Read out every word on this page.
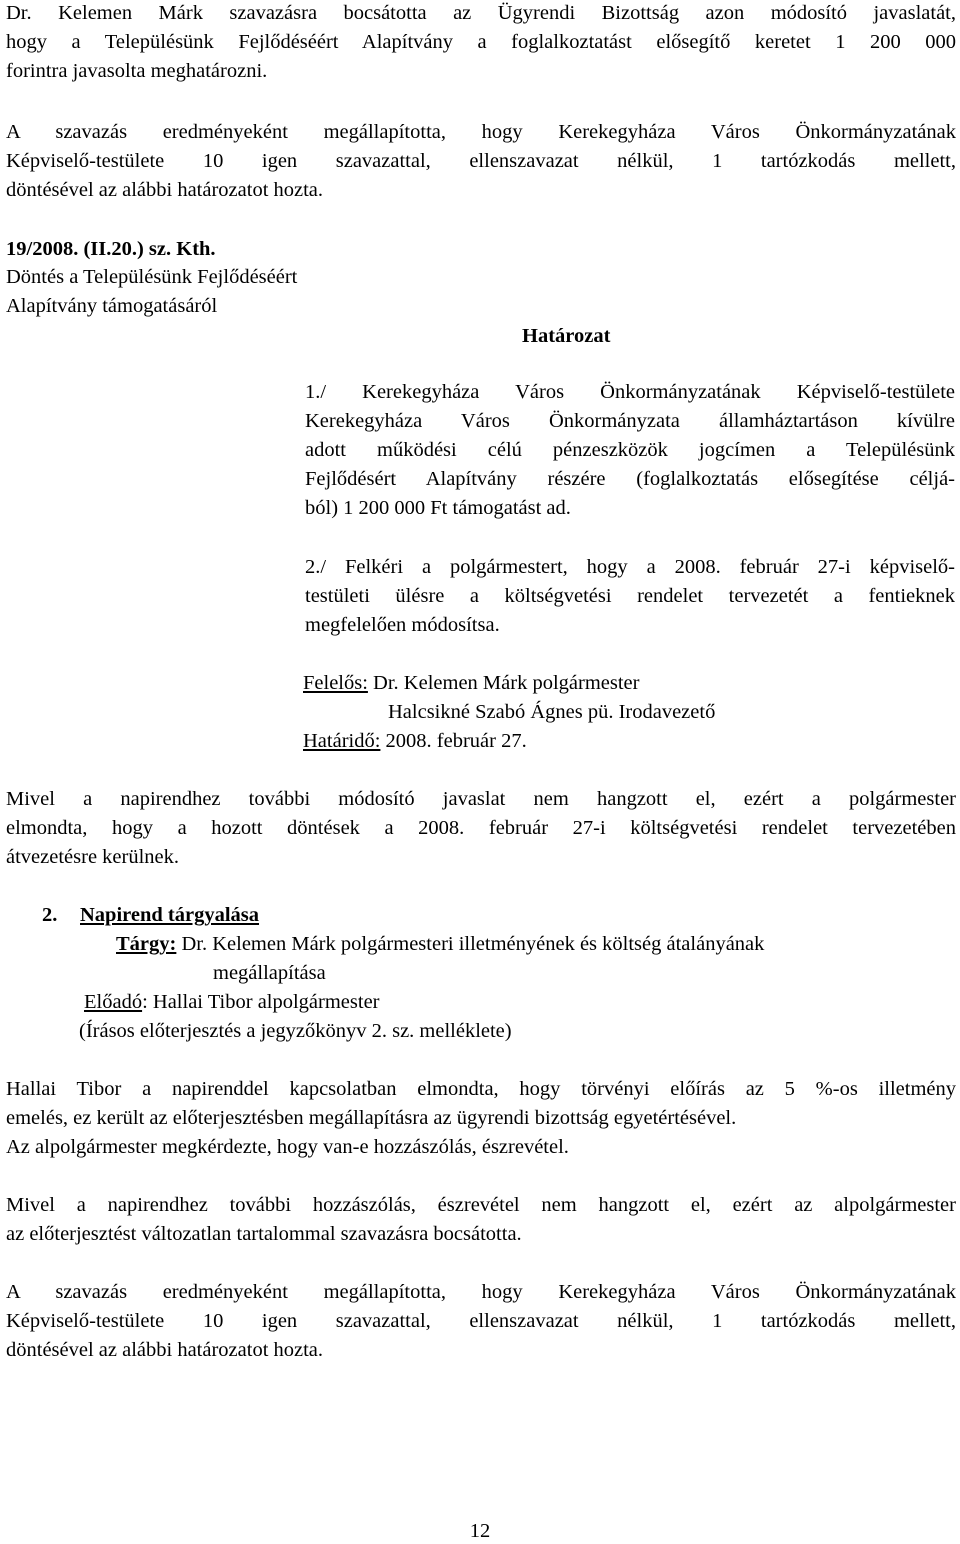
Dr. Kelemen Márk szavazásra bocsátotta az Ügyrendi Bizottság azon módosító javaslatát,
hogy a Településünk Fejlődéséért Alapítvány a foglalkoztatást elősegítő keretet 1 200 000
forintra javasolta meghatározni.

A szavazás eredményeként megállapította, hogy Kerekegyháza Város Önkormányzatának
Képviselő-testülete 10 igen szavazattal, ellenszavazat nélkül, 1 tartózkodás mellett,
döntésével az alábbi határozatot hozta.

19/2008. (II.20.) sz. Kth.

Döntés a Településünk Fejlődéséért
Alapítvány támogatásáról

Határozat

1./ Kerekegyháza Város Önkormányzatának Képviselő-testülete
Kerekegyháza Város Önkormányzata államháztartáson kívülre
adott működési célú pénzeszközök jogcímen a Településünk
Fejlődésért Alapítvány részére (foglalkoztatás elősegítése céljá-
ból) 1 200 000 Ft támogatást ad.

2./ Felkéri a polgármestert, hogy a 2008. február 27-i képviselő-
testületi ülésre a költségvetési rendelet tervezetét a fentieknek
megfelelően módosítsa.

Felelős: Dr. Kelemen Márk polgármester

Halcsikné Szabó Ágnes pü. Irodavezető

Határidő: 2008. február 27.

Mivel a napirendhez további módosító javaslat nem hangzott el, ezért a polgármester
elmondta, hogy a hozott döntések a 2008. február 27-i költségvetési rendelet tervezetében
átvezetésre kerülnek.

2. Napirend tárgyalása

Tárgy: Dr. Kelemen Márk polgármesteri illetményének és költség átalányának

megállapítása

Előadó: Hallai Tibor alpolgármester

(Írásos előterjesztés a jegyzőkönyv 2. sz. melléklete)

Hallai Tibor a napirenddel kapcsolatban elmondta, hogy törvényi előírás az 5 %-os illetmény
emelés, ez került az előterjesztésben megállapításra az ügyrendi bizottság egyetértésével.
Az alpolgármester megkérdezte, hogy van-e hozzászólás, észrevétel.

Mivel a napirendhez további hozzászólás, észrevétel nem hangzott el, ezért az alpolgármester
az előterjesztést változatlan tartalommal szavazásra bocsátotta.

A szavazás eredményeként megállapította, hogy Kerekegyháza Város Önkormányzatának
Képviselő-testülete 10 igen szavazattal, ellenszavazat nélkül, 1 tartózkodás mellett,
döntésével az alábbi határozatot hozta.

12
